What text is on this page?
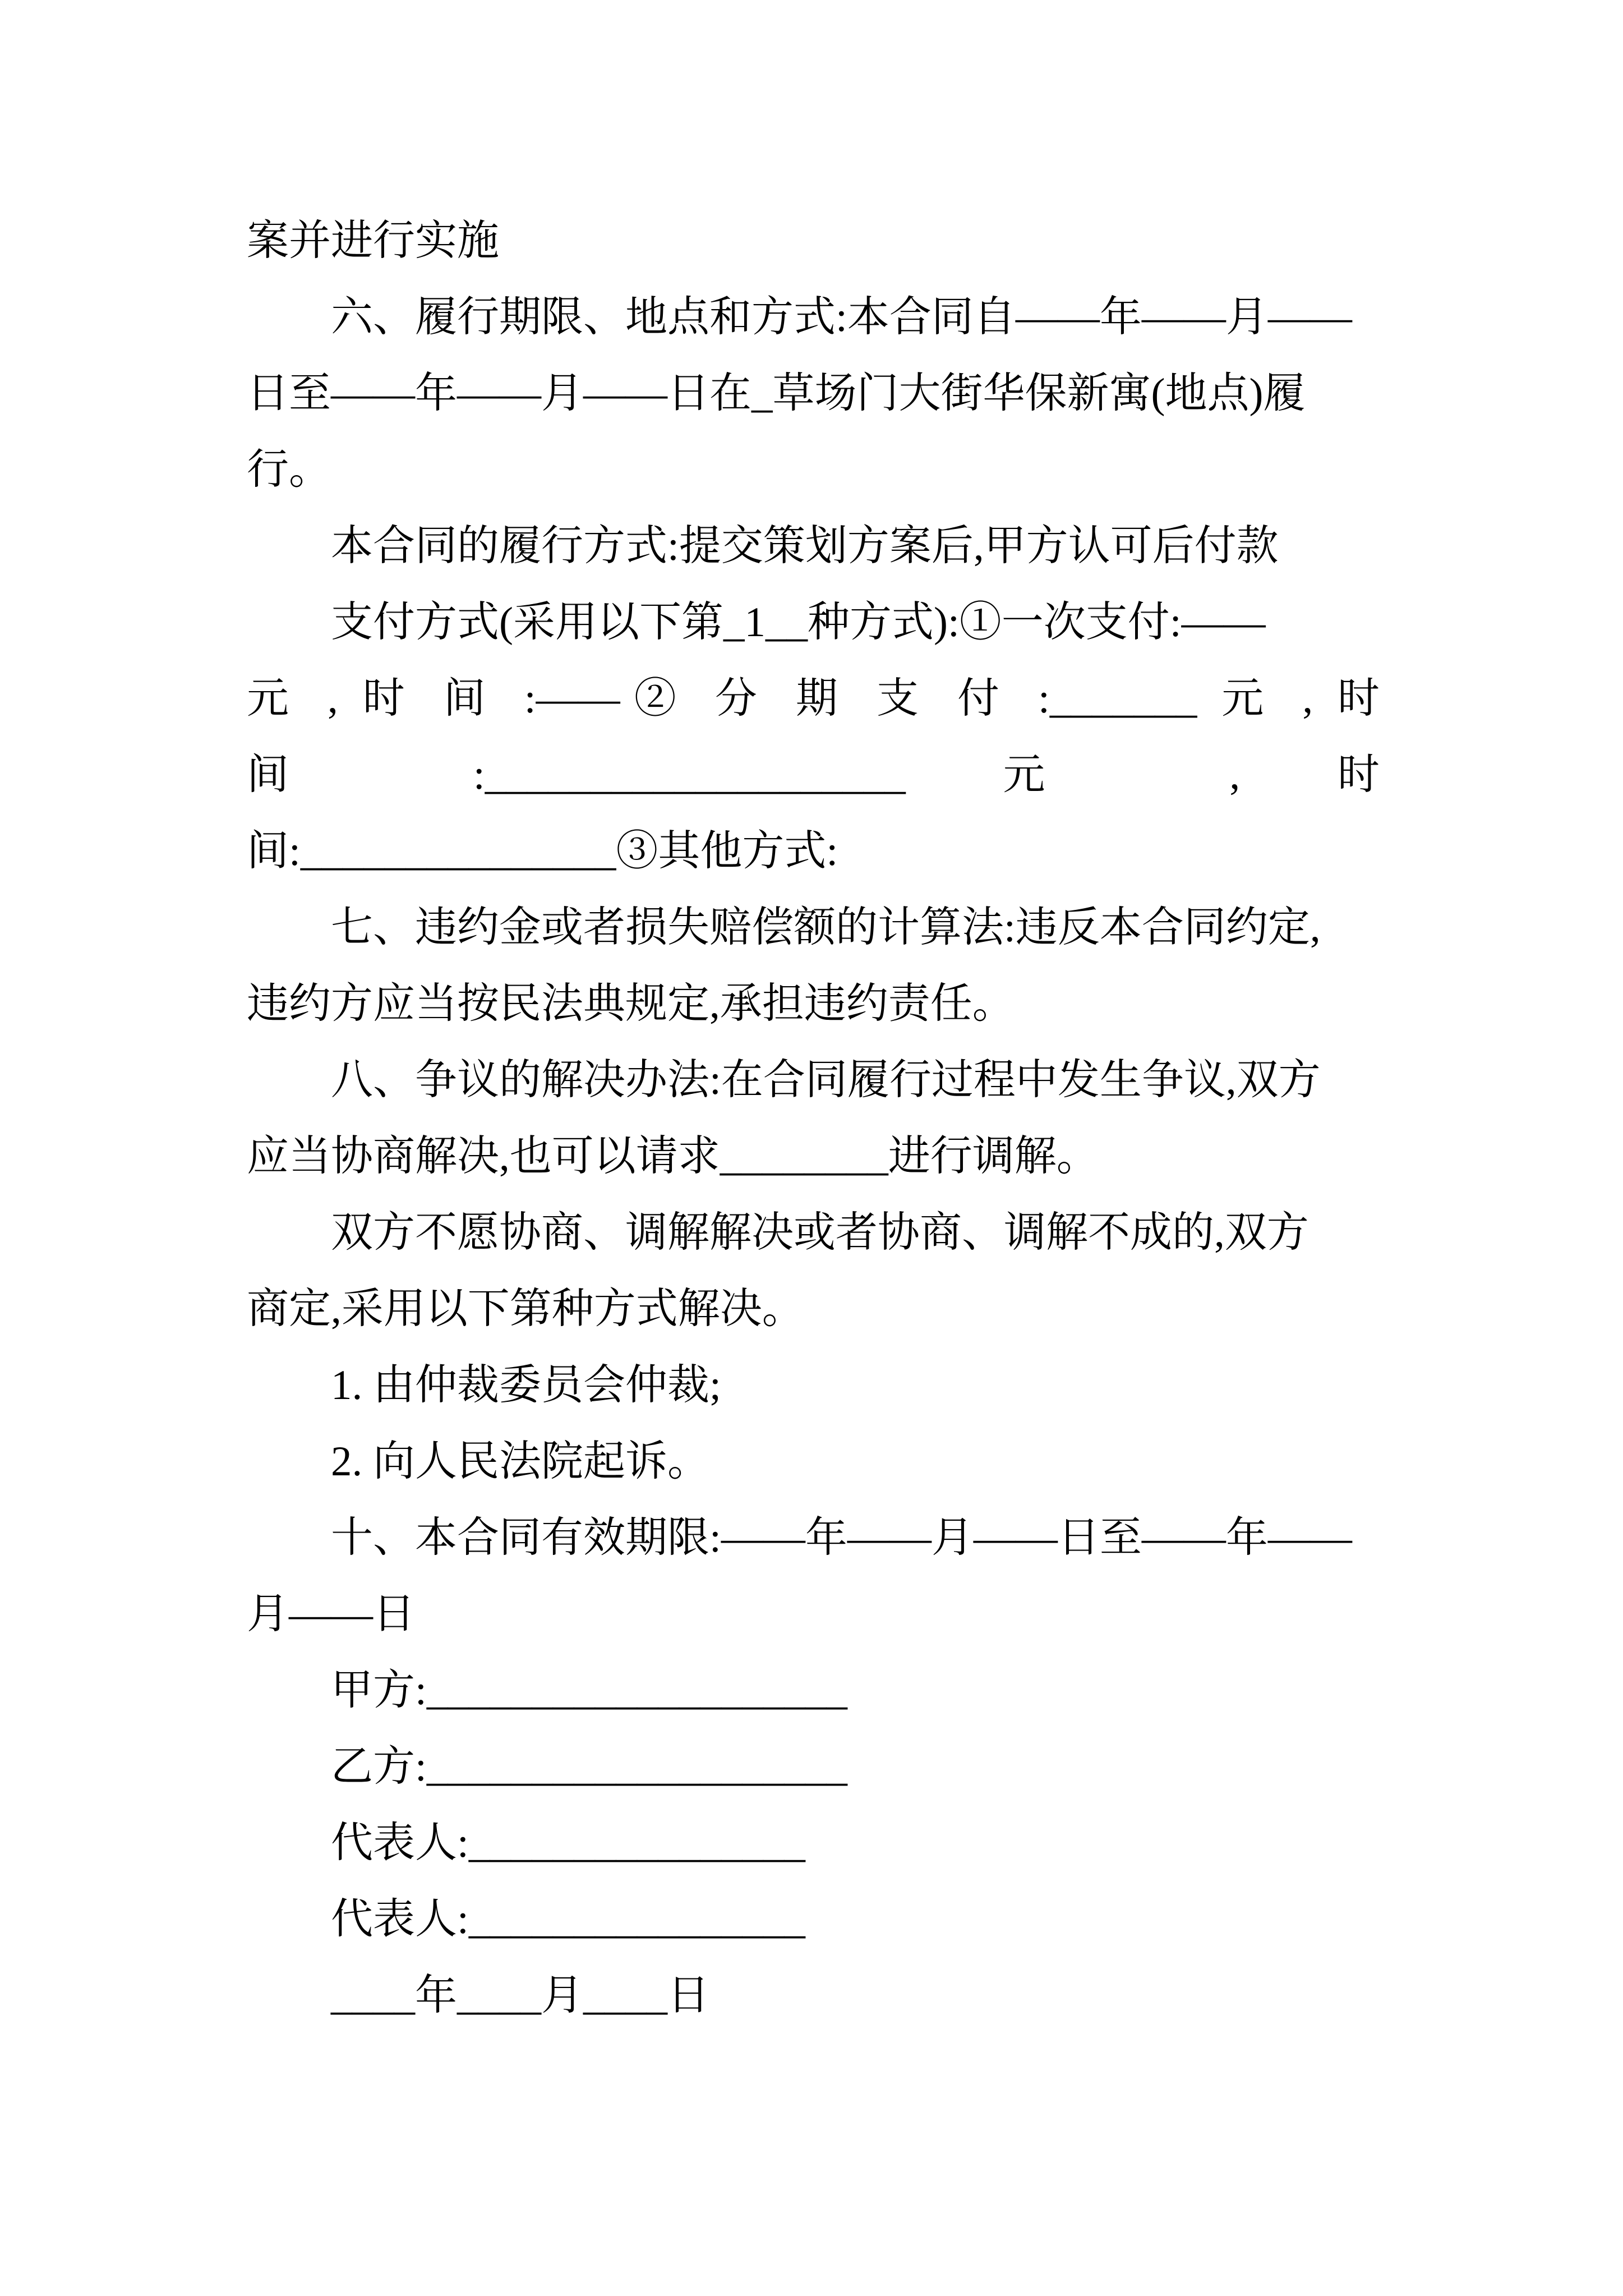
案并进行实施
六、履行期限、地点和方式:本合同自——年——月——
日至——年——月——日在_草场门大街华保新寓(地点)履
行。
本合同的履行方式:提交策划方案后,甲方认可后付款
支付方式(采用以下第_1__种方式):①一次支付:——
元 , 时 间 :——② 分 期 支 付 :_______ 元 , 时
间 :____________________ 元 , 时
间:_______________③其他方式:
七、违约金或者损失赔偿额的计算法:违反本合同约定,
违约方应当按民法典规定,承担违约责任。
八、争议的解决办法:在合同履行过程中发生争议,双方
应当协商解决,也可以请求________进行调解。
双方不愿协商、调解解决或者协商、调解不成的,双方
商定,采用以下第种方式解决。
1. 由仲裁委员会仲裁;
2. 向人民法院起诉。
十、本合同有效期限:——年——月——日至——年——
月——日
甲方:____________________
乙方:____________________
代表人:________________
代表人:________________
____年____月____日
